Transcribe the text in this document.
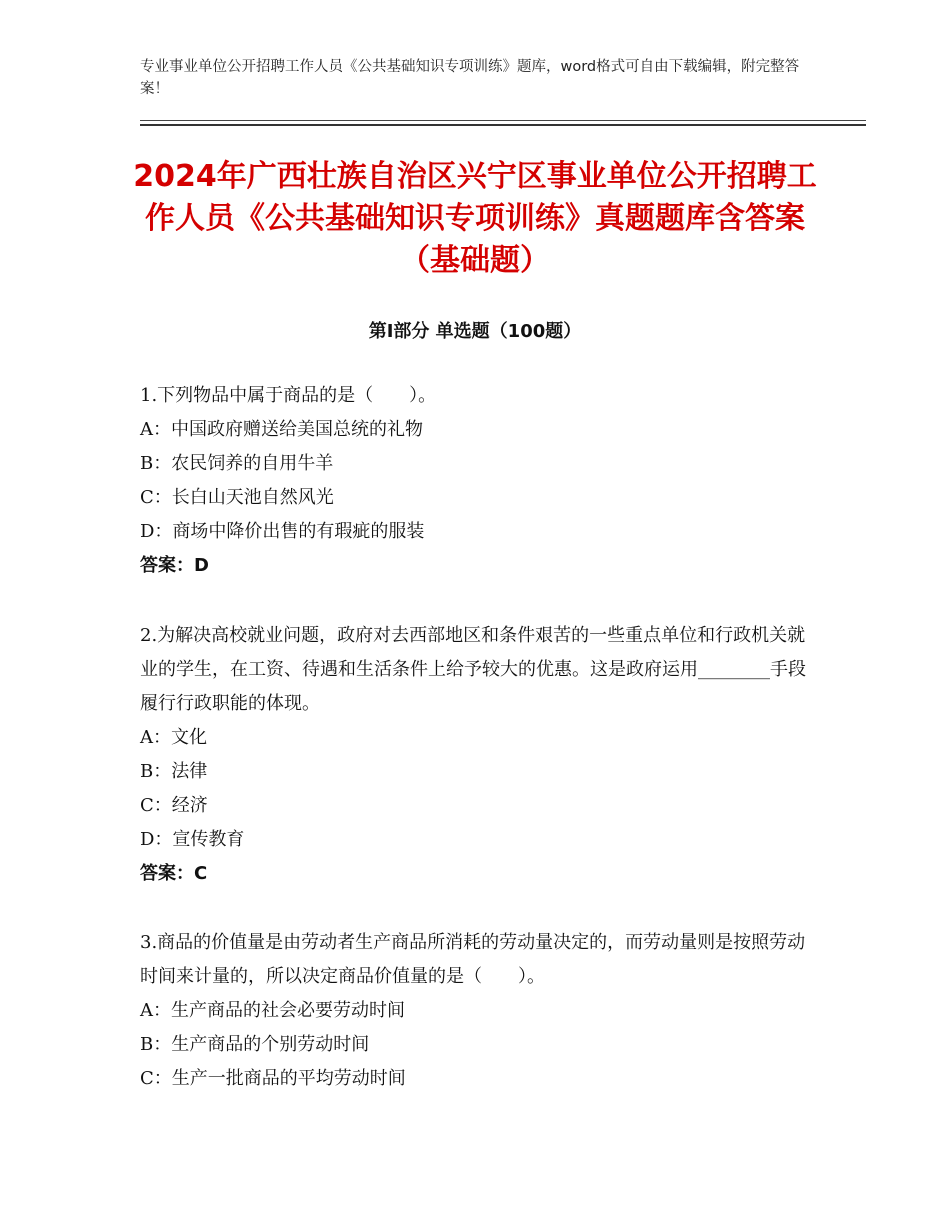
专业事业单位公开招聘工作人员《公共基础知识专项训练》题库，word格式可自由下载编辑，附完整答案！
2024年广西壮族自治区兴宁区事业单位公开招聘工作人员《公共基础知识专项训练》真题题库含答案（基础题）
第I部分 单选题（100题）

1.下列物品中属于商品的是（　　）。

A：中国政府赠送给美国总统的礼物

B：农民饲养的自用牛羊

C：长白山天池自然风光

D：商场中降价出售的有瑕疵的服装

答案：D

2.为解决高校就业问题，政府对去西部地区和条件艰苦的一些重点单位和行政机关就业的学生，在工资、待遇和生活条件上给予较大的优惠。这是政府运用________手段履行行政职能的体现。

A：文化

B：法律

C：经济

D：宣传教育

答案：C

3.商品的价值量是由劳动者生产商品所消耗的劳动量决定的，而劳动量则是按照劳动时间来计量的，所以决定商品价值量的是（　　）。

A：生产商品的社会必要劳动时间

B：生产商品的个别劳动时间

C：生产一批商品的平均劳动时间
